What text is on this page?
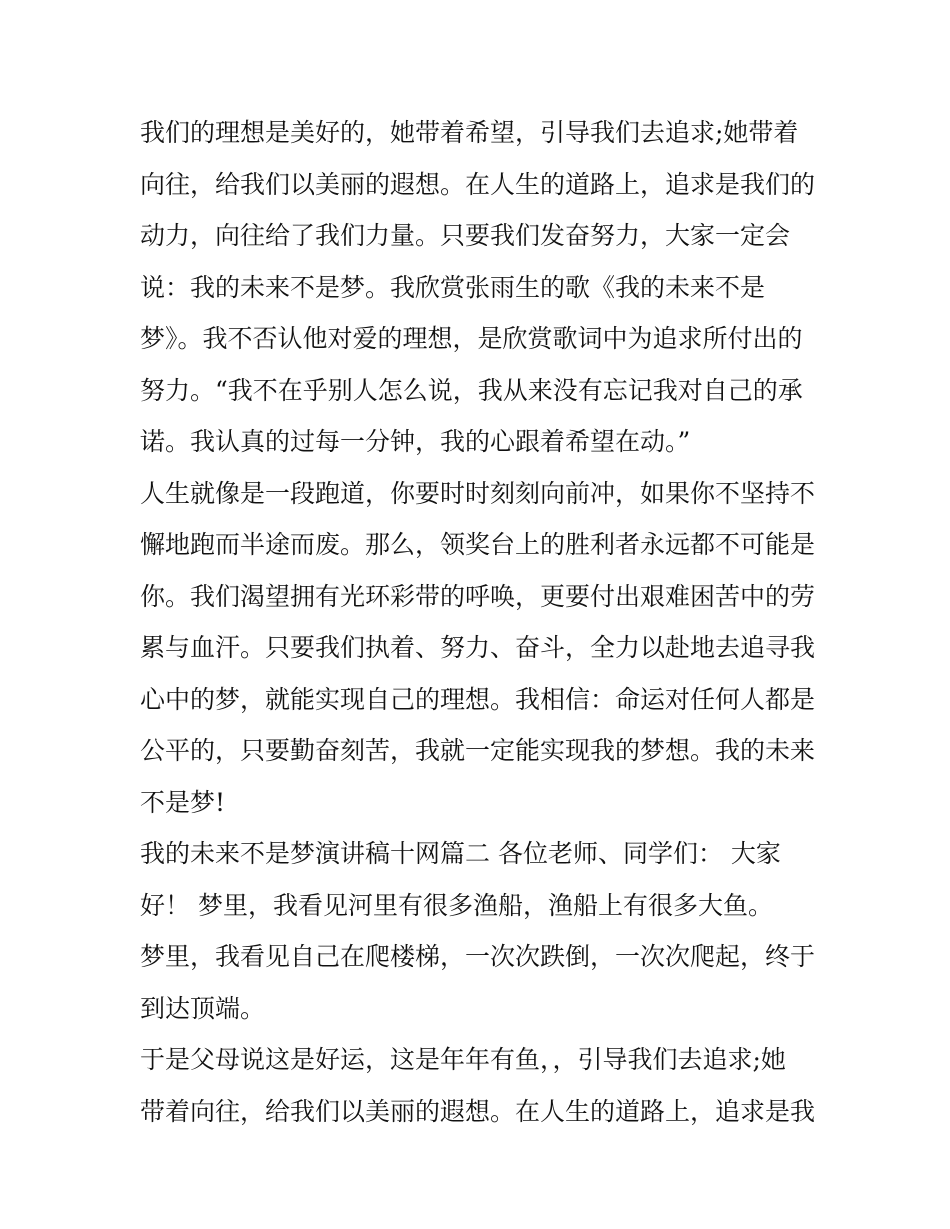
我们的理想是美好的，她带着希望，引导我们去追求;她带着
向往，给我们以美丽的遐想。在人生的道路上，追求是我们的
动力，向往给了我们力量。只要我们发奋努力，大家一定会
说：我的未来不是梦。我欣赏张雨生的歌《我的未来不是
梦》。我不否认他对爱的理想，是欣赏歌词中为追求所付出的
努力。“我不在乎别人怎么说，我从来没有忘记我对自己的承
诺。我认真的过每一分钟，我的心跟着希望在动。”
人生就像是一段跑道，你要时时刻刻向前冲，如果你不坚持不
懈地跑而半途而废。那么，领奖台上的胜利者永远都不可能是
你。我们渴望拥有光环彩带的呼唤，更要付出艰难困苦中的劳
累与血汗。只要我们执着、努力、奋斗，全力以赴地去追寻我
心中的梦，就能实现自己的理想。我相信：命运对任何人都是
公平的，只要勤奋刻苦，我就一定能实现我的梦想。我的未来
不是梦!
我的未来不是梦演讲稿十网篇二 各位老师、同学们： 大家
好！ 梦里，我看见河里有很多渔船，渔船上有很多大鱼。
梦里，我看见自己在爬楼梯，一次次跌倒，一次次爬起，终于
到达顶端。
于是父母说这是好运，这是年年有鱼，，引导我们去追求;她
带着向往，给我们以美丽的遐想。在人生的道路上，追求是我
